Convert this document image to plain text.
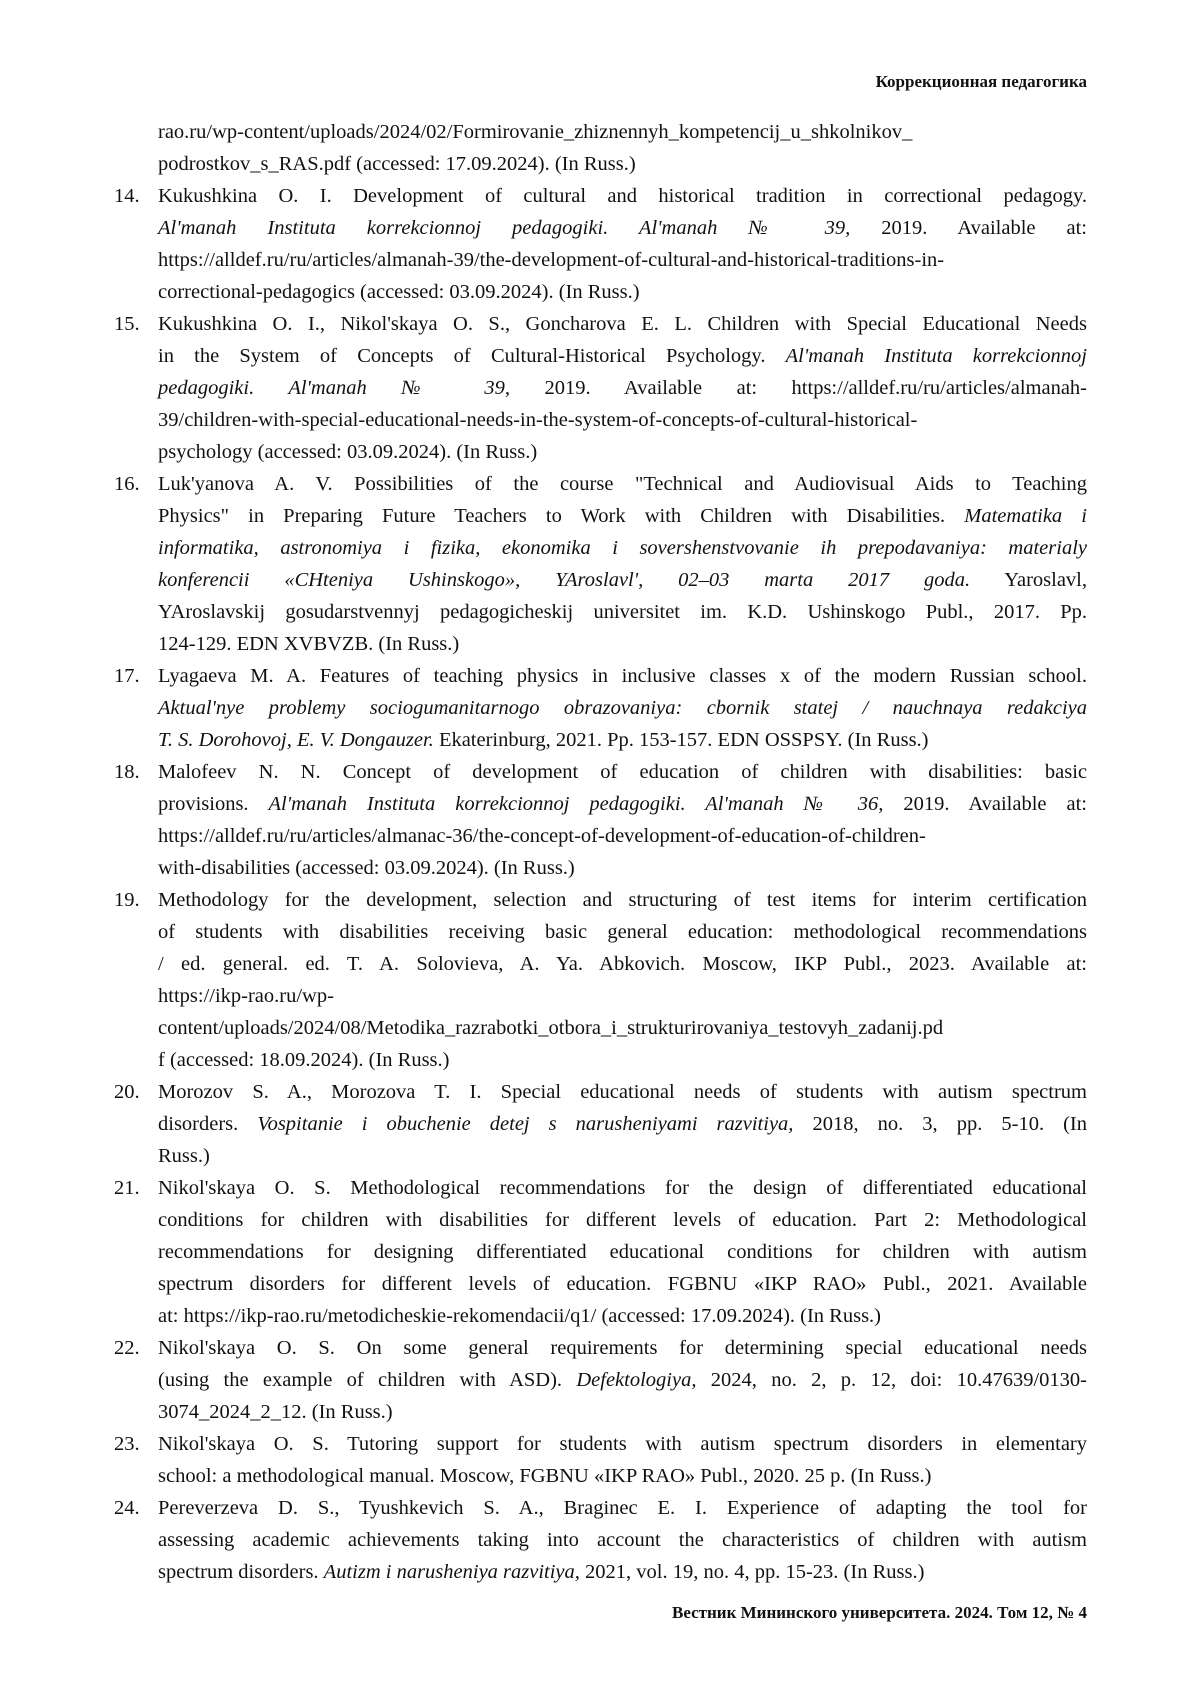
Коррекционная педагогика
rao.ru/wp-content/uploads/2024/02/Formirovanie_zhiznennyh_kompetencij_u_shkolnikov_
podrostkov_s_RAS.pdf (accessed: 17.09.2024). (In Russ.)
14. Kukushkina O. I. Development of cultural and historical tradition in correctional pedagogy.
Al'manah Instituta korrekcionnoj pedagogiki. Al'manah № 39, 2019. Available at:
https://alldef.ru/ru/articles/almanah-39/the-development-of-cultural-and-historical-traditions-in-
correctional-pedagogics (accessed: 03.09.2024). (In Russ.)
15. Kukushkina O. I., Nikol'skaya O. S., Goncharova E. L. Children with Special Educational Needs
in the System of Concepts of Cultural-Historical Psychology. Al'manah Instituta korrekcionnoj
pedagogiki. Al'manah № 39, 2019. Available at: https://alldef.ru/ru/articles/almanah-
39/children-with-special-educational-needs-in-the-system-of-concepts-of-cultural-historical-
psychology (accessed: 03.09.2024). (In Russ.)
16. Luk'yanova A. V. Possibilities of the course "Technical and Audiovisual Aids to Teaching
Physics" in Preparing Future Teachers to Work with Children with Disabilities. Matematika i
informatika, astronomiya i fizika, ekonomika i sovershenstvovanie ih prepodavaniya: materialy
konferencii «CHteniya Ushinskogo», YAroslavl', 02–03 marta 2017 goda. Yaroslavl,
YAroslavskij gosudarstvennyj pedagogicheskij universitet im. K.D. Ushinskogo Publ., 2017. Pp.
124-129. EDN XVBVZB. (In Russ.)
17. Lyagaeva M. A. Features of teaching physics in inclusive classes x of the modern Russian school.
Aktual'nye problemy sociogumanitarnogo obrazovaniya: cbornik statej / nauchnaya redakciya
T. S. Dorohovoj, E. V. Dongauzer. Ekaterinburg, 2021. Pp. 153-157. EDN OSSPSY. (In Russ.)
18. Malofeev N. N. Concept of development of education of children with disabilities: basic
provisions. Al'manah Instituta korrekcionnoj pedagogiki. Al'manah № 36, 2019. Available at:
https://alldef.ru/ru/articles/almanac-36/the-concept-of-development-of-education-of-children-
with-disabilities (accessed: 03.09.2024). (In Russ.)
19. Methodology for the development, selection and structuring of test items for interim certification
of students with disabilities receiving basic general education: methodological recommendations
/ ed. general. ed. T. A. Solovieva, A. Ya. Abkovich. Moscow, IKP Publ., 2023. Available at:
https://ikp-rao.ru/wp-
content/uploads/2024/08/Metodika_razrabotki_otbora_i_strukturirovaniya_testovyh_zadanij.pd
f (accessed: 18.09.2024). (In Russ.)
20. Morozov S. A., Morozova T. I. Special educational needs of students with autism spectrum
disorders. Vospitanie i obuchenie detej s narusheniyami razvitiya, 2018, no. 3, pp. 5-10. (In
Russ.)
21. Nikol'skaya O. S. Methodological recommendations for the design of differentiated educational
conditions for children with disabilities for different levels of education. Part 2: Methodological
recommendations for designing differentiated educational conditions for children with autism
spectrum disorders for different levels of education. FGBNU «IKP RAO» Publ., 2021. Available
at: https://ikp-rao.ru/metodicheskie-rekomendacii/q1/ (accessed: 17.09.2024). (In Russ.)
22. Nikol'skaya O. S. On some general requirements for determining special educational needs
(using the example of children with ASD). Defektologiya, 2024, no. 2, p. 12, doi: 10.47639/0130-
3074_2024_2_12. (In Russ.)
23. Nikol'skaya O. S. Tutoring support for students with autism spectrum disorders in elementary
school: a methodological manual. Moscow, FGBNU «IKP RAO» Publ., 2020. 25 p. (In Russ.)
24. Pereverzeva D. S., Tyushkevich S. A., Braginec E. I. Experience of adapting the tool for
assessing academic achievements taking into account the characteristics of children with autism
spectrum disorders. Autizm i narusheniya razvitiya, 2021, vol. 19, no. 4, pp. 15-23. (In Russ.)
Вестник Мининского университета. 2024. Том 12, № 4
